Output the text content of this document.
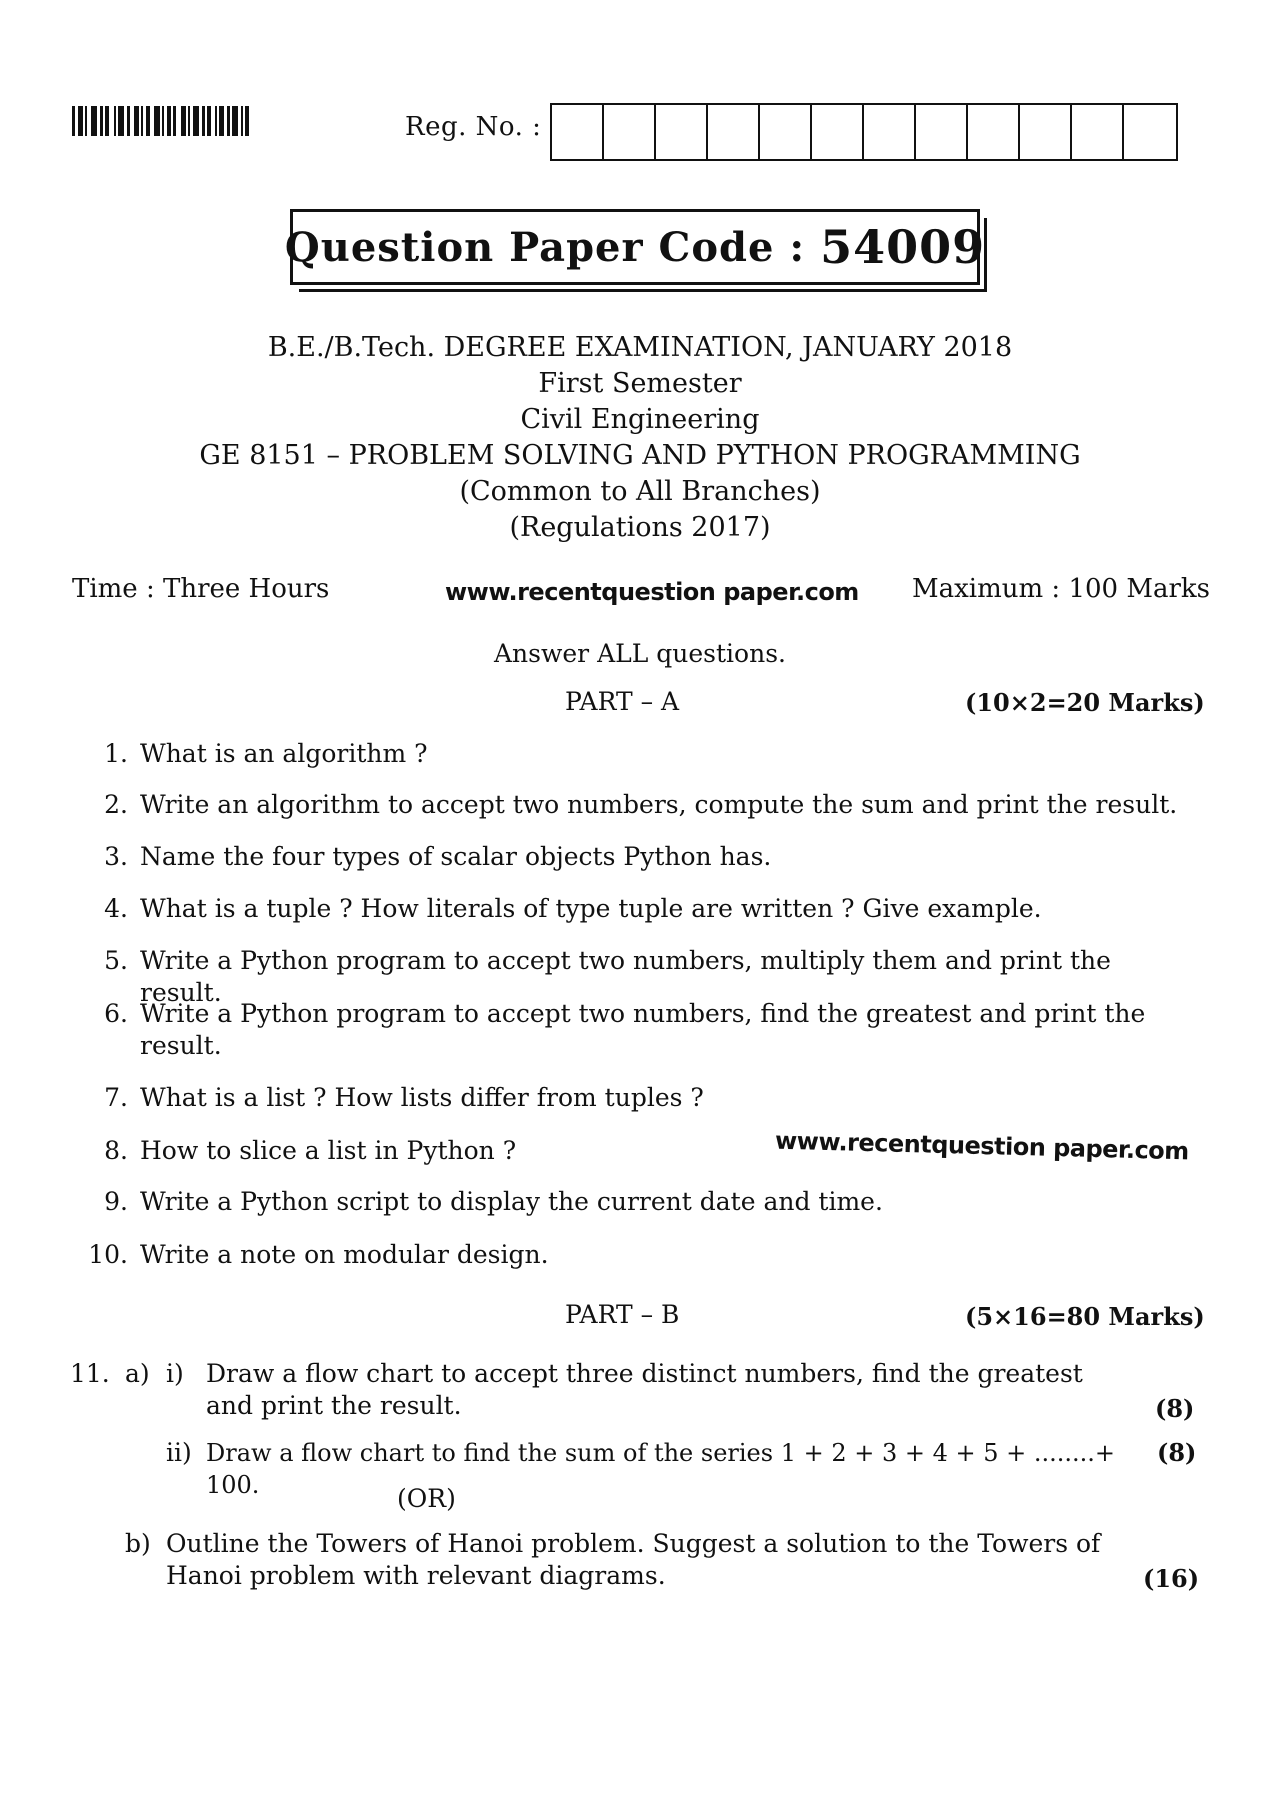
Reg. No. :
Question Paper Code : 54009
B.E./B.Tech. DEGREE EXAMINATION, JANUARY 2018
First Semester
Civil Engineering
GE 8151 – PROBLEM SOLVING AND PYTHON PROGRAMMING
(Common to All Branches)
(Regulations 2017)
Time : Three Hours	www.recentquestion paper.com Maximum : 100 Marks
Answer ALL questions.
PART – A	(10×2=20 Marks)
1. What is an algorithm ?
2. Write an algorithm to accept two numbers, compute the sum and print the result.
3. Name the four types of scalar objects Python has.
4. What is a tuple ? How literals of type tuple are written ? Give example.
5. Write a Python program to accept two numbers, multiply them and print the result.
6. Write a Python program to accept two numbers, find the greatest and print the result.
7. What is a list ? How lists differ from tuples ?
8. How to slice a list in Python ?	www.recentquestion paper.com
9. Write a Python script to display the current date and time.
10. Write a note on modular design.
PART – B	(5×16=80 Marks)
11. a) i) Draw a flow chart to accept three distinct numbers, find the greatest and print the result.	(8)
ii) Draw a flow chart to find the sum of the series 1 + 2 + 3 + 4 + 5 + ........+ 100.
(8)
(OR)
b) Outline the Towers of Hanoi problem. Suggest a solution to the Towers of Hanoi problem with relevant diagrams.	(16)
